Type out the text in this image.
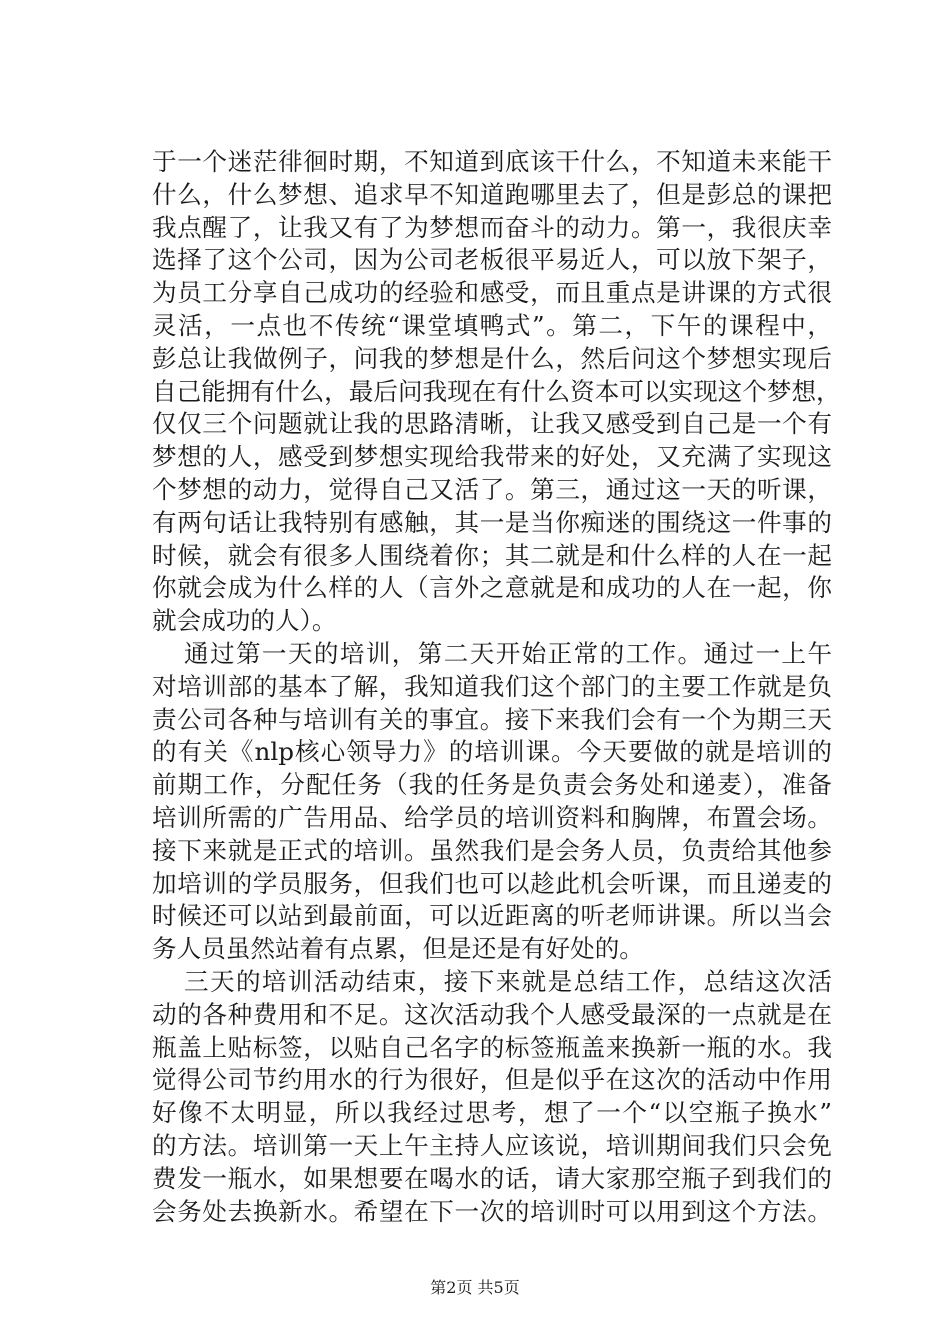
于一个迷茫徘徊时期，不知道到底该干什么，不知道未来能干
什么，什么梦想、追求早不知道跑哪里去了，但是彭总的课把
我点醒了，让我又有了为梦想而奋斗的动力。第一，我很庆幸
选择了这个公司，因为公司老板很平易近人，可以放下架子，
为员工分享自己成功的经验和感受，而且重点是讲课的方式很
灵活，一点也不传统“课堂填鸭式”。第二，下午的课程中，
彭总让我做例子，问我的梦想是什么，然后问这个梦想实现后
自己能拥有什么，最后问我现在有什么资本可以实现这个梦想，
仅仅三个问题就让我的思路清晰，让我又感受到自己是一个有
梦想的人，感受到梦想实现给我带来的好处，又充满了实现这
个梦想的动力，觉得自己又活了。第三，通过这一天的听课，
有两句话让我特别有感触，其一是当你痴迷的围绕这一件事的
时候，就会有很多人围绕着你；其二就是和什么样的人在一起
你就会成为什么样的人（言外之意就是和成功的人在一起，你
就会成功的人）。
通过第一天的培训，第二天开始正常的工作。通过一上午
对培训部的基本了解，我知道我们这个部门的主要工作就是负
责公司各种与培训有关的事宜。接下来我们会有一个为期三天
的有关《nlp核心领导力》的培训课。今天要做的就是培训的
前期工作，分配任务（我的任务是负责会务处和递麦），准备
培训所需的广告用品、给学员的培训资料和胸牌，布置会场。
接下来就是正式的培训。虽然我们是会务人员，负责给其他参
加培训的学员服务，但我们也可以趁此机会听课，而且递麦的
时候还可以站到最前面，可以近距离的听老师讲课。所以当会
务人员虽然站着有点累，但是还是有好处的。
三天的培训活动结束，接下来就是总结工作，总结这次活
动的各种费用和不足。这次活动我个人感受最深的一点就是在
瓶盖上贴标签，以贴自己名字的标签瓶盖来换新一瓶的水。我
觉得公司节约用水的行为很好，但是似乎在这次的活动中作用
好像不太明显，所以我经过思考，想了一个“以空瓶子换水”
的方法。培训第一天上午主持人应该说，培训期间我们只会免
费发一瓶水，如果想要在喝水的话，请大家那空瓶子到我们的
会务处去换新水。希望在下一次的培训时可以用到这个方法。
第2页 共5页
